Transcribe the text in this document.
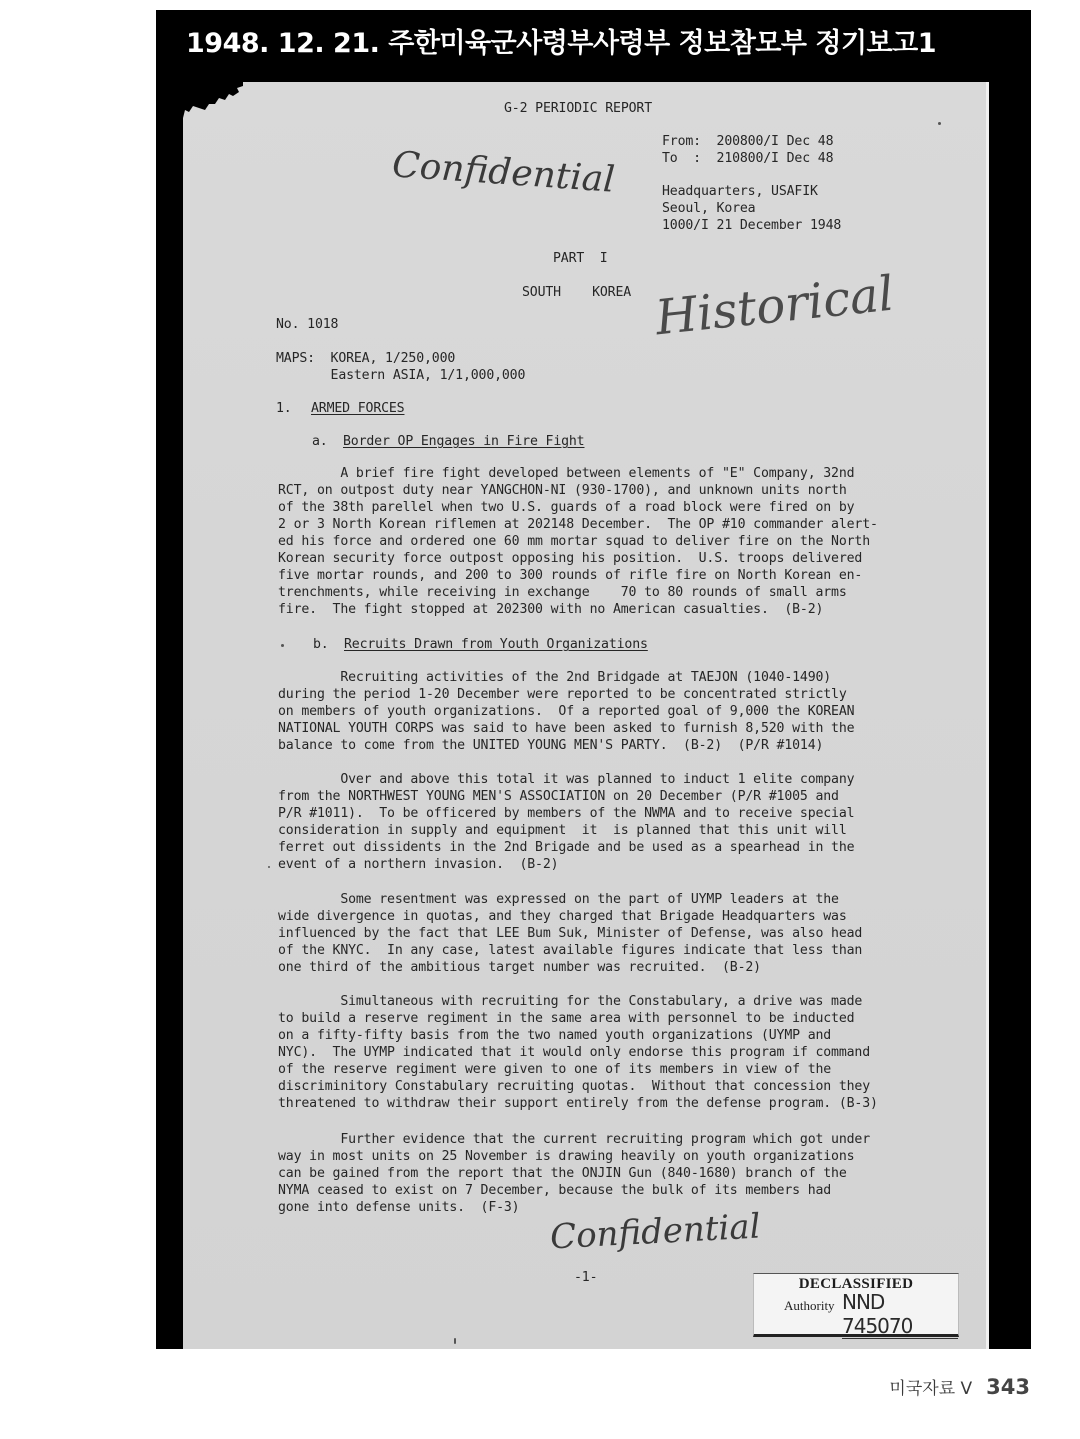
1948. 12. 21. 주한미육군사령부사령부 정보참모부 정기보고1
G-2 PERIODIC REPORT
From:  200800/I Dec 48
To  :  210800/I Dec 48
Headquarters, USAFIK
Seoul, Korea
1000/I 21 December 1948
Confidential
PART  I
SOUTH    KOREA Historical
No. 1018
MAPS:  KOREA, 1/250,000
Eastern ASIA, 1/1,000,000
1. ARMED FORCES
a. Border OP Engages in Fire Fight
A brief fire fight developed between elements of "E" Company, 32nd
RCT, on outpost duty near YANGCHON-NI (930-1700), and unknown units north
of the 38th parellel when two U.S. guards of a road block were fired on by
2 or 3 North Korean riflemen at 202148 December.  The OP #10 commander alert-
ed his force and ordered one 60 mm mortar squad to deliver fire on the North
Korean security force outpost opposing his position.  U.S. troops delivered
five mortar rounds, and 200 to 300 rounds of rifle fire on North Korean en-
trenchments, while receiving in exchange    70 to 80 rounds of small arms
fire.  The fight stopped at 202300 with no American casualties.  (B-2)
b. Recruits Drawn from Youth Organizations
Recruiting activities of the 2nd Bridgade at TAEJON (1040-1490)
during the period 1-20 December were reported to be concentrated strictly
on members of youth organizations.  Of a reported goal of 9,000 the KOREAN
NATIONAL YOUTH CORPS was said to have been asked to furnish 8,520 with the
balance to come from the UNITED YOUNG MEN'S PARTY.  (B-2)  (P/R #1014)
Over and above this total it was planned to induct 1 elite company
from the NORTHWEST YOUNG MEN'S ASSOCIATION on 20 December (P/R #1005 and
P/R #1011).  To be officered by members of the NWMA and to receive special
consideration in supply and equipment  it  is planned that this unit will
ferret out dissidents in the 2nd Brigade and be used as a spearhead in the
event of a northern invasion.  (B-2)
Some resentment was expressed on the part of UYMP leaders at the
wide divergence in quotas, and they charged that Brigade Headquarters was
influenced by the fact that LEE Bum Suk, Minister of Defense, was also head
of the KNYC.  In any case, latest available figures indicate that less than
one third of the ambitious target number was recruited.  (B-2)
Simultaneous with recruiting for the Constabulary, a drive was made
to build a reserve regiment in the same area with personnel to be inducted
on a fifty-fifty basis from the two named youth organizations (UYMP and
NYC).  The UYMP indicated that it would only endorse this program if command
of the reserve regiment were given to one of its members in view of the
discriminitory Constabulary recruiting quotas.  Without that concession they
threatened to withdraw their support entirely from the defense program. (B-3)
Further evidence that the current recruiting program which got under
way in most units on 25 November is drawing heavily on youth organizations
can be gained from the report that the ONJIN Gun (840-1680) branch of the
NYMA ceased to exist on 7 December, because the bulk of its members had
gone into defense units.  (F-3) Confidential
-1-	DECLASSIFIED
Authority NND 745070
미국자료 Ⅴ 343
